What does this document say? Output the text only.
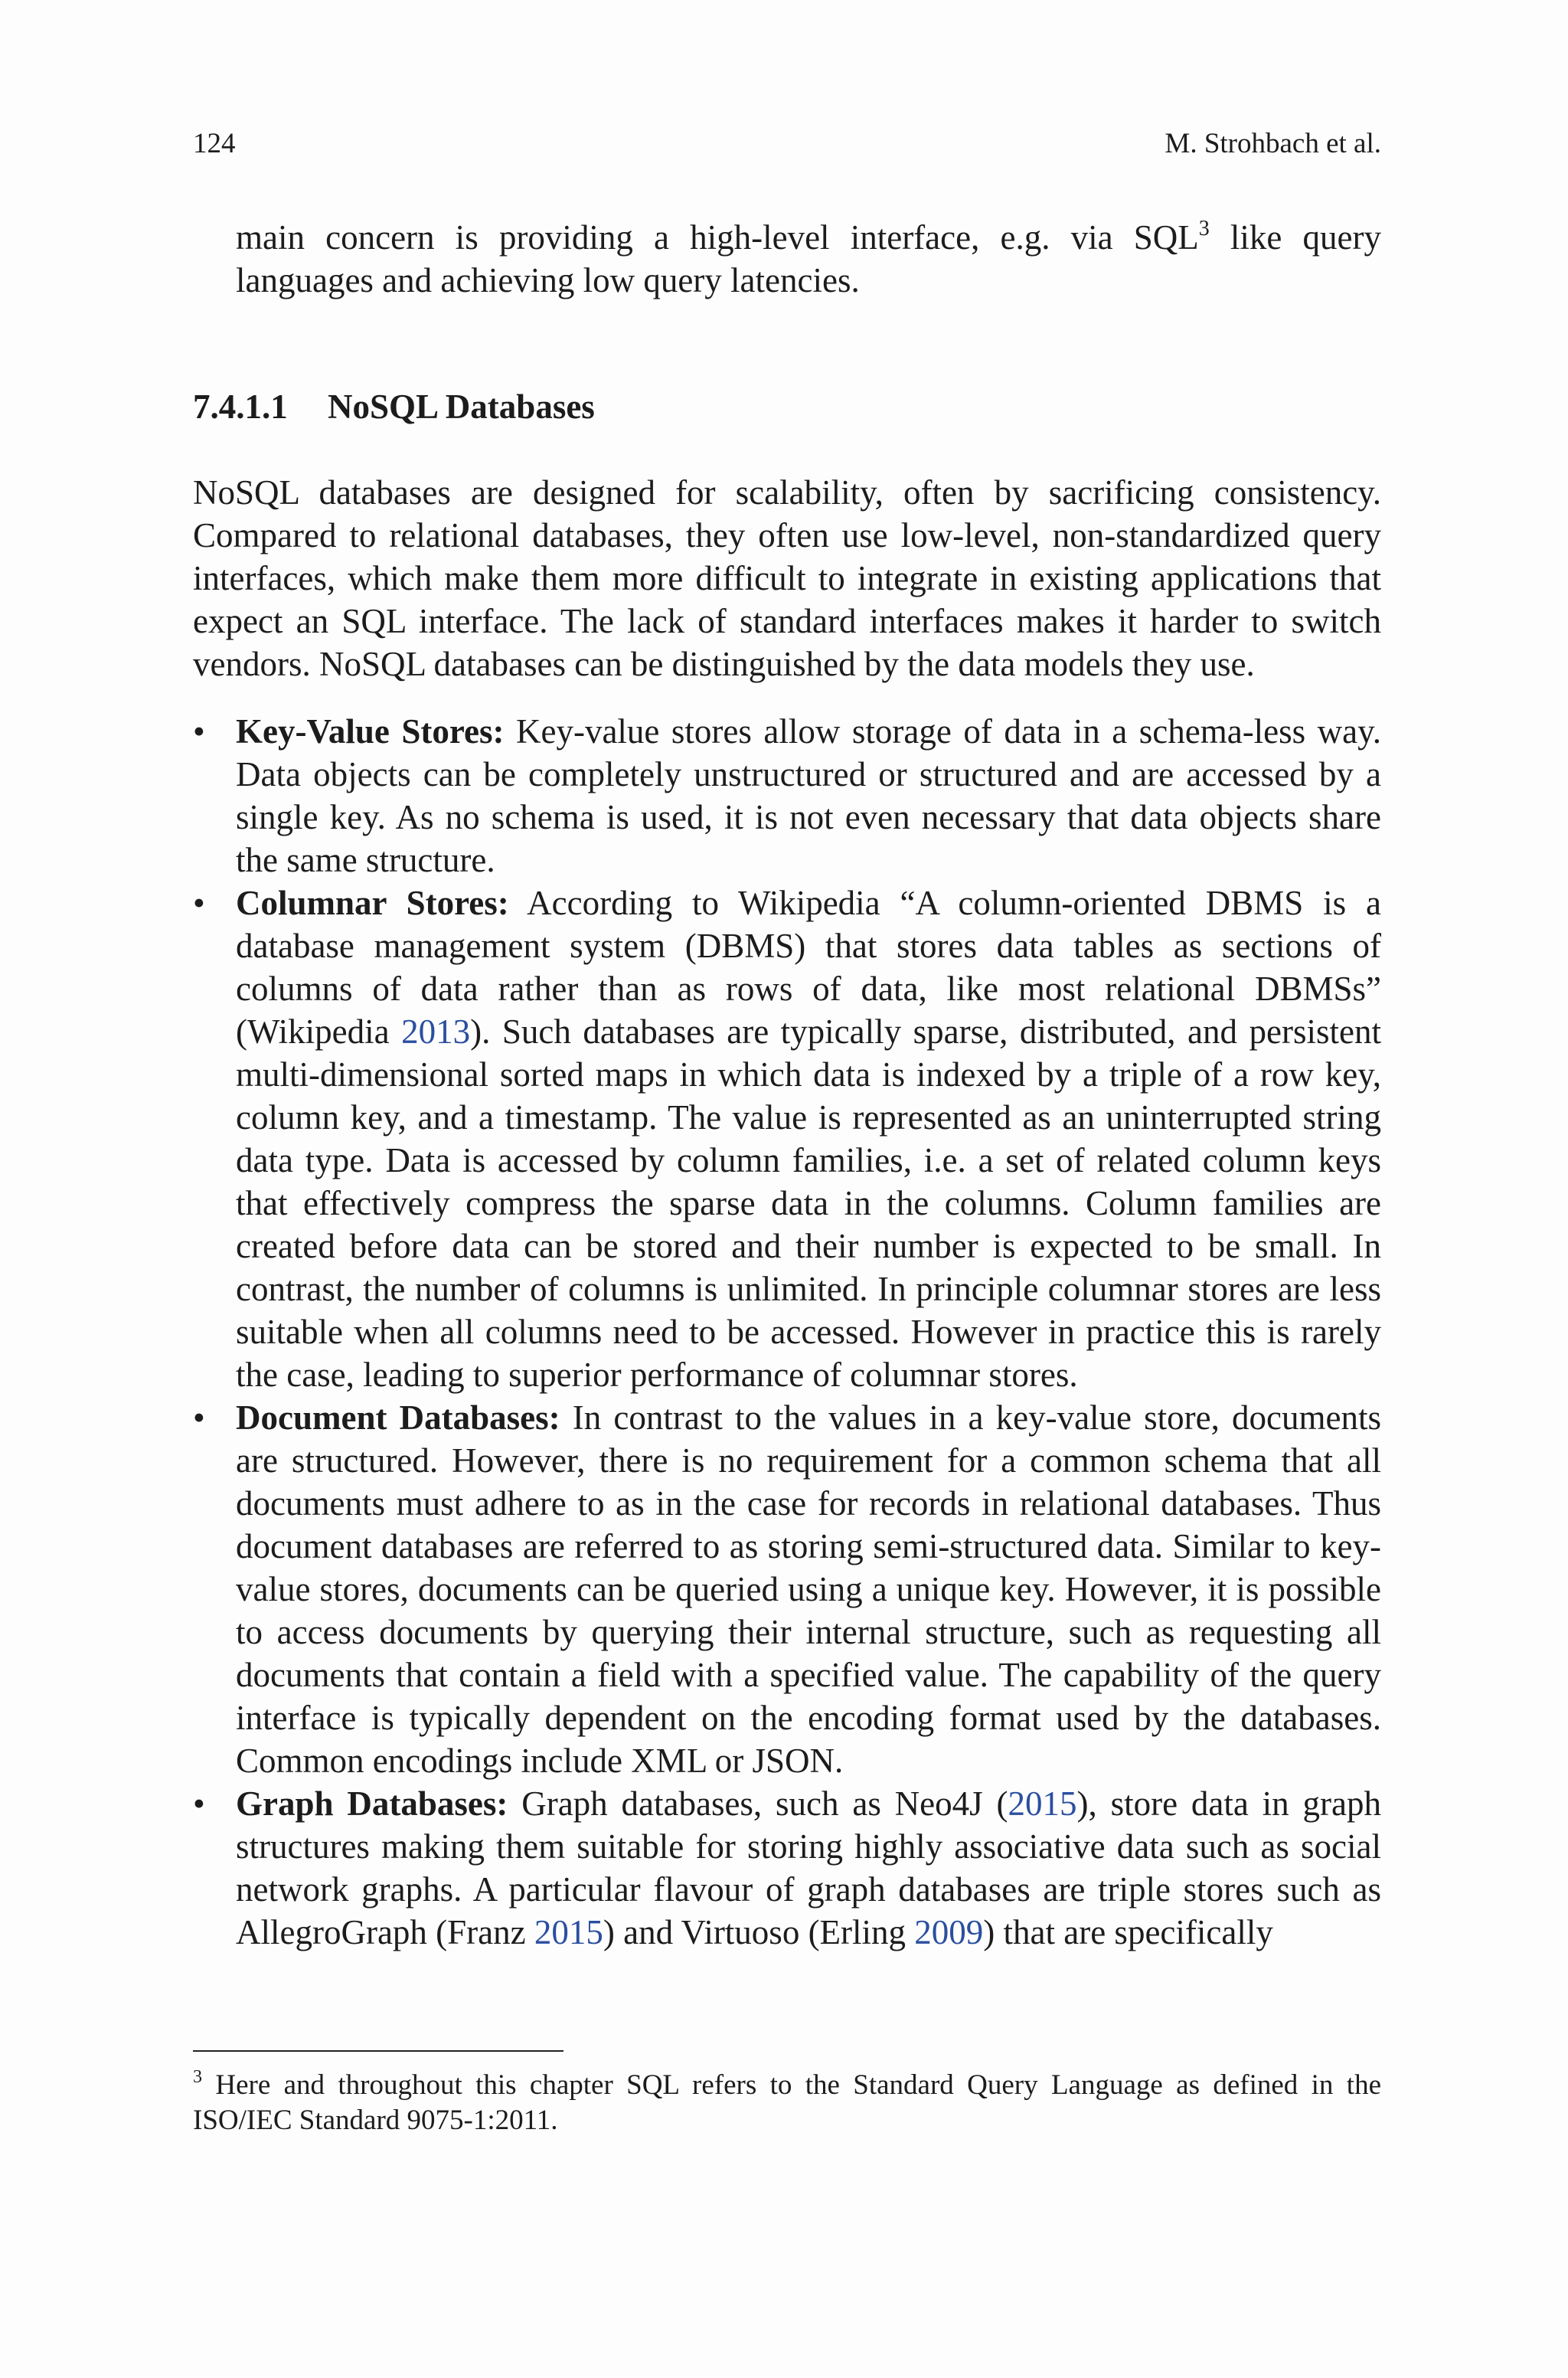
124	M. Strohbach et al.

main concern is providing a high-level interface, e.g. via SQL$^3$ like query languages and achieving low query latencies.

7.4.1.1 NoSQL Databases

NoSQL databases are designed for scalability, often by sacrificing consistency. Compared to relational databases, they often use low-level, non-standardized query interfaces, which make them more difficult to integrate in existing applications that expect an SQL interface. The lack of standard interfaces makes it harder to switch vendors. NoSQL databases can be distinguished by the data models they use.

• Key-Value Stores: Key-value stores allow storage of data in a schema-less way. Data objects can be completely unstructured or structured and are accessed by a single key. As no schema is used, it is not even necessary that data objects share the same structure.
• Columnar Stores: According to Wikipedia “A column-oriented DBMS is a database management system (DBMS) that stores data tables as sections of columns of data rather than as rows of data, like most relational DBMSs” (Wikipedia 2013). Such databases are typically sparse, distributed, and persistent multi-dimensional sorted maps in which data is indexed by a triple of a row key, column key, and a timestamp. The value is represented as an uninterrupted string data type. Data is accessed by column families, i.e. a set of related column keys that effectively compress the sparse data in the columns. Column families are created before data can be stored and their number is expected to be small. In contrast, the number of columns is unlimited. In principle columnar stores are less suitable when all columns need to be accessed. However in practice this is rarely the case, leading to superior performance of columnar stores.
• Document Databases: In contrast to the values in a key-value store, documents are structured. However, there is no requirement for a common schema that all documents must adhere to as in the case for records in relational databases. Thus document databases are referred to as storing semi-structured data. Similar to key-value stores, documents can be queried using a unique key. However, it is possible to access documents by querying their internal structure, such as requesting all documents that contain a field with a specified value. The capability of the query interface is typically dependent on the encoding format used by the databases. Common encodings include XML or JSON.
• Graph Databases: Graph databases, such as Neo4J (2015), store data in graph structures making them suitable for storing highly associative data such as social network graphs. A particular flavour of graph databases are triple stores such as AllegroGraph (Franz 2015) and Virtuoso (Erling 2009) that are specifically

$^3$ Here and throughout this chapter SQL refers to the Standard Query Language as defined in the ISO/IEC Standard 9075-1:2011.
